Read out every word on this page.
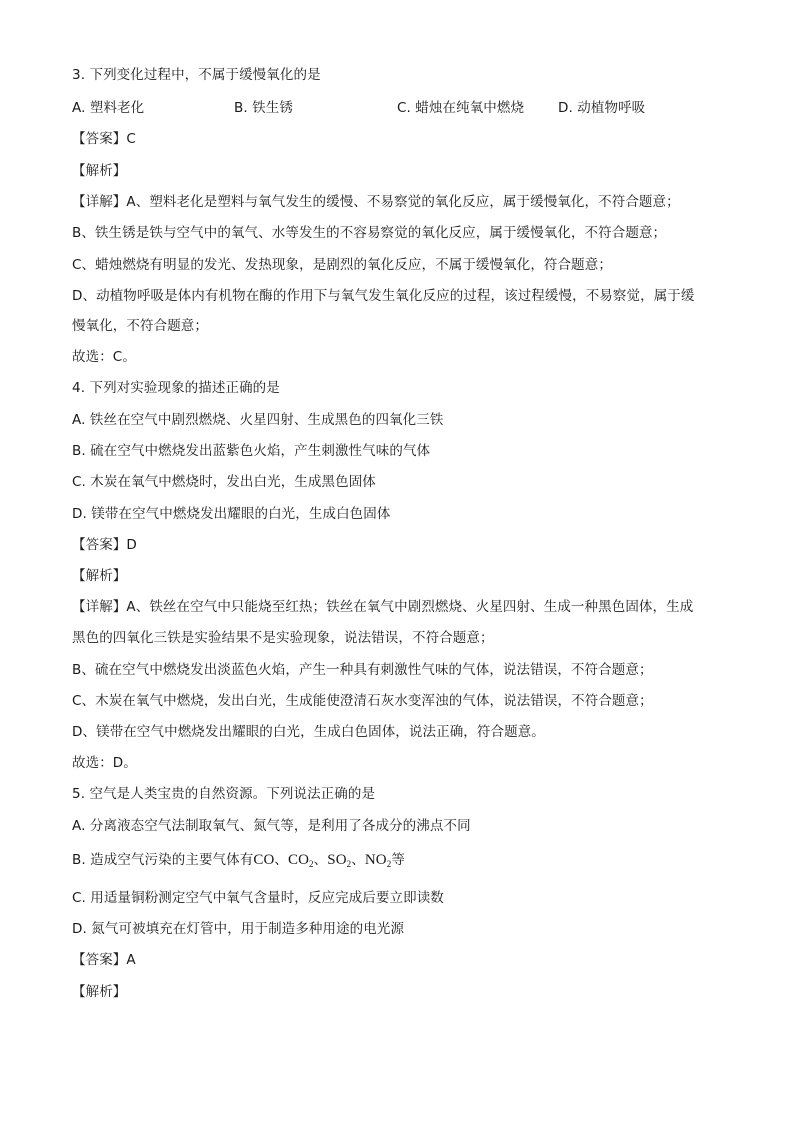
3. 下列变化过程中，不属于缓慢氧化的是
A. 塑料老化	B. 铁生锈	C. 蜡烛在纯氧中燃烧	D. 动植物呼吸
【答案】C
【解析】
【详解】A、塑料老化是塑料与氧气发生的缓慢、不易察觉的氧化反应，属于缓慢氧化，不符合题意；
B、铁生锈是铁与空气中的氧气、水等发生的不容易察觉的氧化反应，属于缓慢氧化，不符合题意；
C、蜡烛燃烧有明显的发光、发热现象，是剧烈的氧化反应，不属于缓慢氧化，符合题意；
D、动植物呼吸是体内有机物在酶的作用下与氧气发生氧化反应的过程，该过程缓慢，不易察觉，属于缓
慢氧化，不符合题意；
故选：C。
4. 下列对实验现象的描述正确的是
A. 铁丝在空气中剧烈燃烧、火星四射、生成黑色的四氧化三铁
B. 硫在空气中燃烧发出蓝紫色火焰，产生刺激性气味的气体
C. 木炭在氧气中燃烧时，发出白光，生成黑色固体
D. 镁带在空气中燃烧发出耀眼的白光，生成白色固体
【答案】D
【解析】
【详解】A、铁丝在空气中只能烧至红热；铁丝在氧气中剧烈燃烧、火星四射、生成一种黑色固体，生成
黑色的四氧化三铁是实验结果不是实验现象，说法错误，不符合题意；
B、硫在空气中燃烧发出淡蓝色火焰，产生一种具有刺激性气味的气体，说法错误，不符合题意；
C、木炭在氧气中燃烧，发出白光，生成能使澄清石灰水变浑浊的气体，说法错误，不符合题意；
D、镁带在空气中燃烧发出耀眼的白光，生成白色固体，说法正确，符合题意。
故选：D。
5. 空气是人类宝贵的自然资源。下列说法正确的是
A. 分离液态空气法制取氧气、氮气等，是利用了各成分的沸点不同
B. 造成空气污染的主要气体有CO、$CO_2$、$SO_2$、$NO_2$等
C. 用适量铜粉测定空气中氧气含量时，反应完成后要立即读数
D. 氮气可被填充在灯管中，用于制造多种用途的电光源
【答案】A
【解析】
